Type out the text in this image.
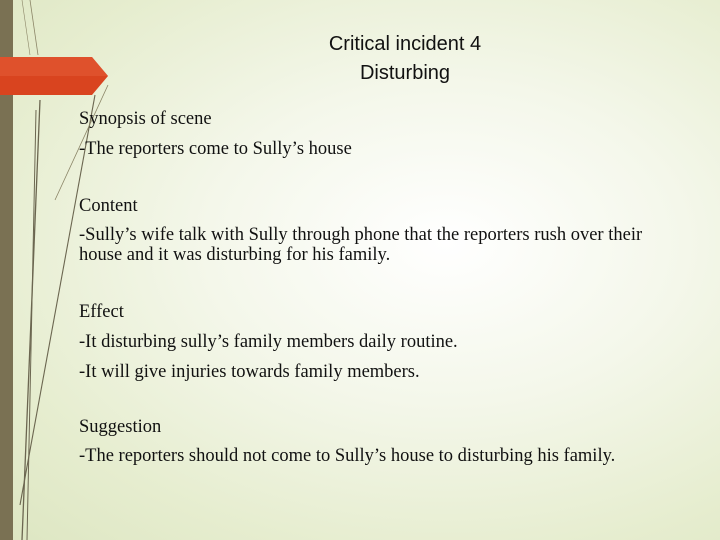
Critical incident 4
Disturbing

Synopsis of scene

-The reporters come to Sully’s house

Content

-Sully’s wife talk with Sully through phone that the reporters rush over their house and it was disturbing for his family.

Effect

-It disturbing sully’s family members daily routine.

-It will give injuries towards family members.

Suggestion

-The reporters should not come to Sully’s house to disturbing his family.
